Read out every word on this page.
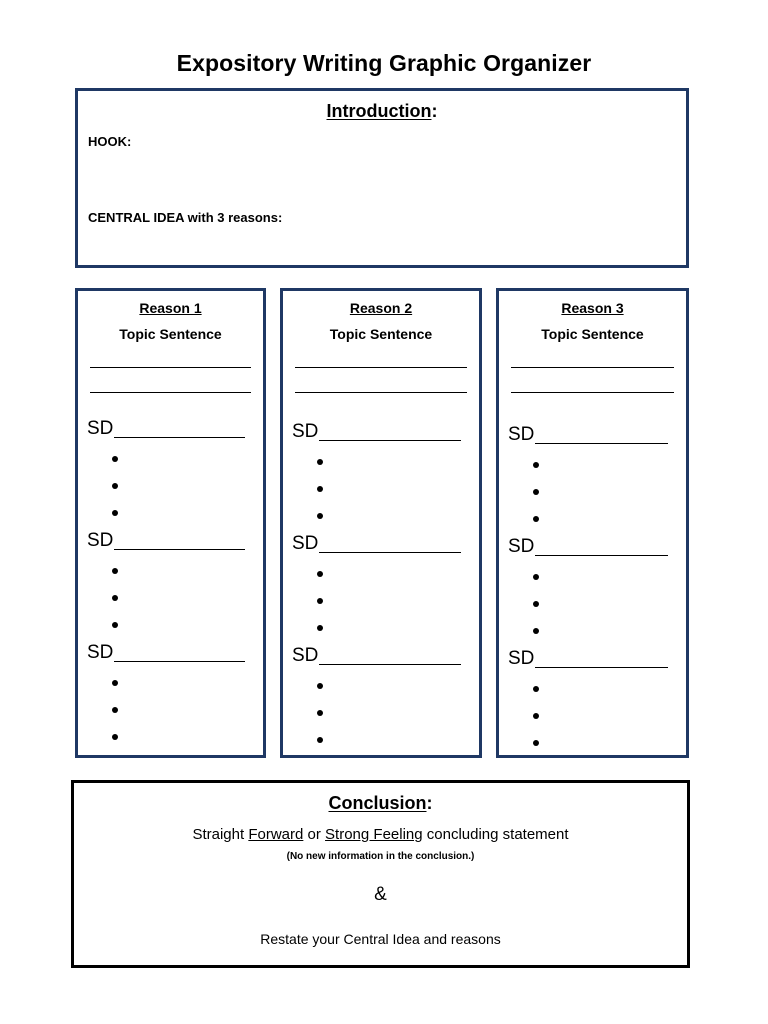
Expository Writing Graphic Organizer
Introduction:
HOOK:
CENTRAL IDEA with 3 reasons:
Reason 1
Topic Sentence
SD
SD
SD
Reason 2
Topic Sentence
SD
SD
SD
Reason 3
Topic Sentence
SD
SD
SD
Conclusion:
Straight Forward or Strong Feeling concluding statement
(No new information in the conclusion.)
&
Restate your Central Idea and reasons
